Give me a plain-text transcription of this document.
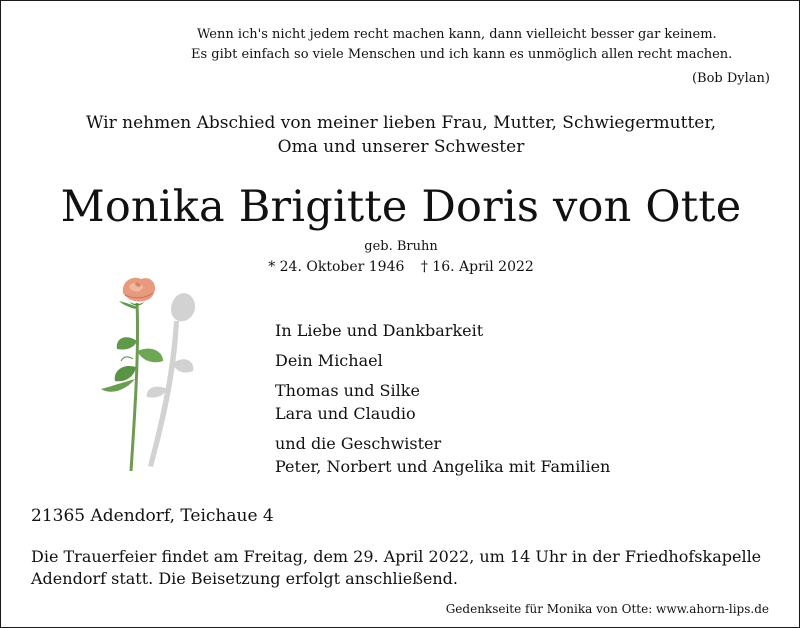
Wenn ich's nicht jedem recht machen kann, dann vielleicht besser gar keinem.
Es gibt einfach so viele Menschen und ich kann es unmöglich allen recht machen.
(Bob Dylan)
Wir nehmen Abschied von meiner lieben Frau, Mutter, Schwiegermutter,
Oma und unserer Schwester
Monika Brigitte Doris von Otte
geb. Bruhn
* 24. Oktober 1946 † 16. April 2022
In Liebe und Dankbarkeit
Dein Michael
Thomas und Silke
Lara und Claudio
und die Geschwister
Peter, Norbert und Angelika mit Familien
21365 Adendorf, Teichaue 4
Die Trauerfeier findet am Freitag, dem 29. April 2022, um 14 Uhr in der Friedhofskapelle
Adendorf statt. Die Beisetzung erfolgt anschließend.
Gedenkseite für Monika von Otte: www.ahorn-lips.de
